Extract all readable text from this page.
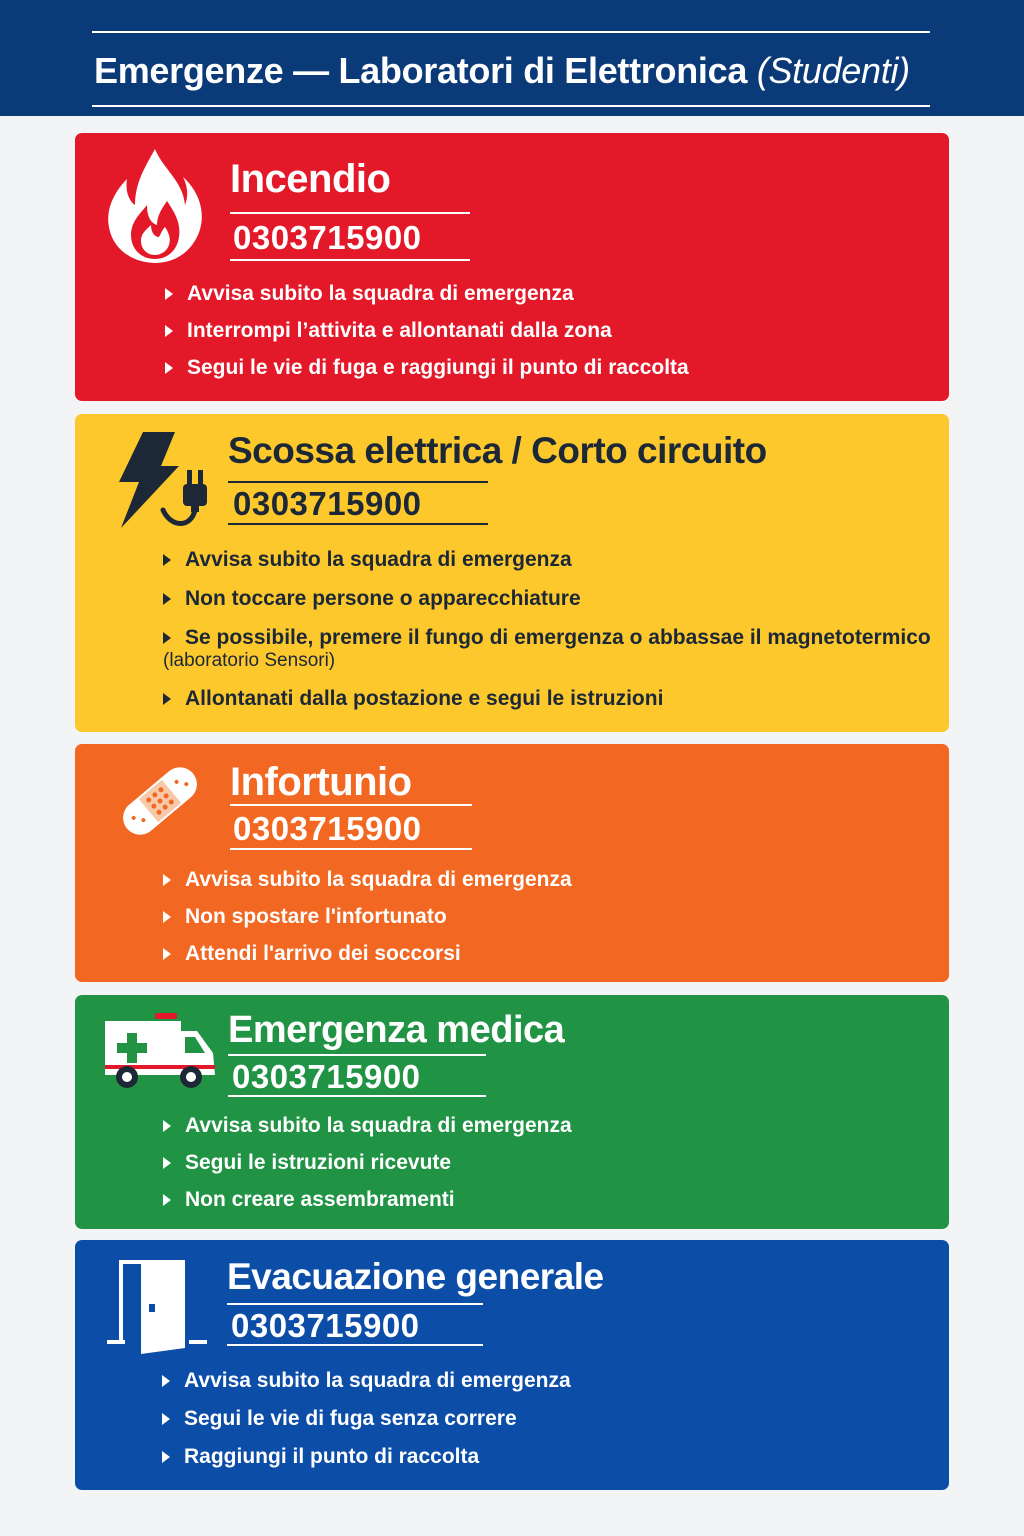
Emergenze — Laboratori di Elettronica (Studenti)
Incendio
0303715900
Avvisa subito la squadra di emergenza
Interrompi l’attivita e allontanati dalla zona
Segui le vie di fuga e raggiungi il punto di raccolta
Scossa elettrica / Corto circuito
0303715900
Avvisa subito la squadra di emergenza
Non toccare persone o apparecchiature
Se possibile, premere il fungo di emergenza o abbassae il magnetotermico
(laboratorio Sensori)
Allontanati dalla postazione e segui le istruzioni
Infortunio
0303715900
Avvisa subito la squadra di emergenza
Non spostare l'infortunato
Attendi l'arrivo dei soccorsi
Emergenza medica
0303715900
Avvisa subito la squadra di emergenza
Segui le istruzioni ricevute
Non creare assembramenti
Evacuazione generale
0303715900
Avvisa subito la squadra di emergenza
Segui le vie di fuga senza correre
Raggiungi il punto di raccolta
